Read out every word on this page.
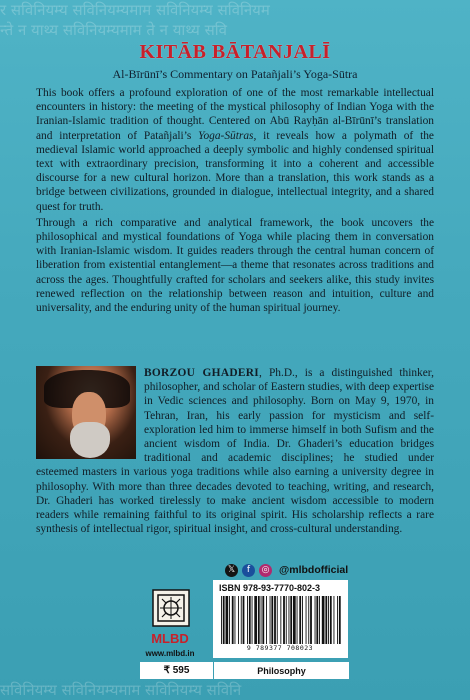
र सविनियम्य सविनियम्यमाम सविनियम्य सविनियम
न्ते न याथ्य सविनियम्यमाम ते न याथ्य सवि
सविनियम्य सविनियम्यमाम सविनियम्य सविनि
KITĀB BĀTANJALĪ
Al-Bīrūnī’s Commentary on Patañjali’s Yoga-Sūtra

This book offers a profound exploration of one of the most remarkable intellectual encounters in history: the meeting of the mystical philosophy of Indian Yoga with the Iranian-Islamic tradition of thought. Centered on Abū Rayḥān al-Bīrūnī’s translation and interpretation of Patañjali’s Yoga-Sūtras, it reveals how a polymath of the medieval Islamic world approached a deeply symbolic and highly condensed spiritual text with extraordinary precision, transforming it into a coherent and accessible discourse for a new cultural horizon. More than a translation, this work stands as a bridge between civilizations, grounded in dialogue, intellectual integrity, and a shared quest for truth.

Through a rich comparative and analytical framework, the book uncovers the philosophical and mystical foundations of Yoga while placing them in conversation with Iranian-Islamic wisdom. It guides readers through the central human concern of liberation from existential entanglement—a theme that resonates across traditions and across the ages. Thoughtfully crafted for scholars and seekers alike, this study invites renewed reflection on the relationship between reason and intuition, culture and universality, and the enduring unity of the human spiritual journey.

BORZOU GHADERI, Ph.D., is a distinguished thinker, philosopher, and scholar of Eastern studies, with deep expertise in Vedic sciences and philosophy. Born on May 9, 1970, in Tehran, Iran, his early passion for mysticism and self-exploration led him to immerse himself in both Sufism and the ancient wisdom of India. Dr. Ghaderi’s education bridges traditional and academic disciplines; he studied under esteemed masters in various yoga traditions while also earning a university degree in philosophy. With more than three decades devoted to teaching, writing, and research, Dr. Ghaderi has worked tirelessly to make ancient wisdom accessible to modern readers while remaining faithful to its original spirit. His scholarship reflects a rare synthesis of intellectual rigor, spiritual insight, and cross-cultural understanding.
𝕏	f	◎ @mlbdofficial
MLBD
www.mlbd.in
ISBN 978-93-7770-802-3
9 789377 708023
₹ 595	Philosophy
